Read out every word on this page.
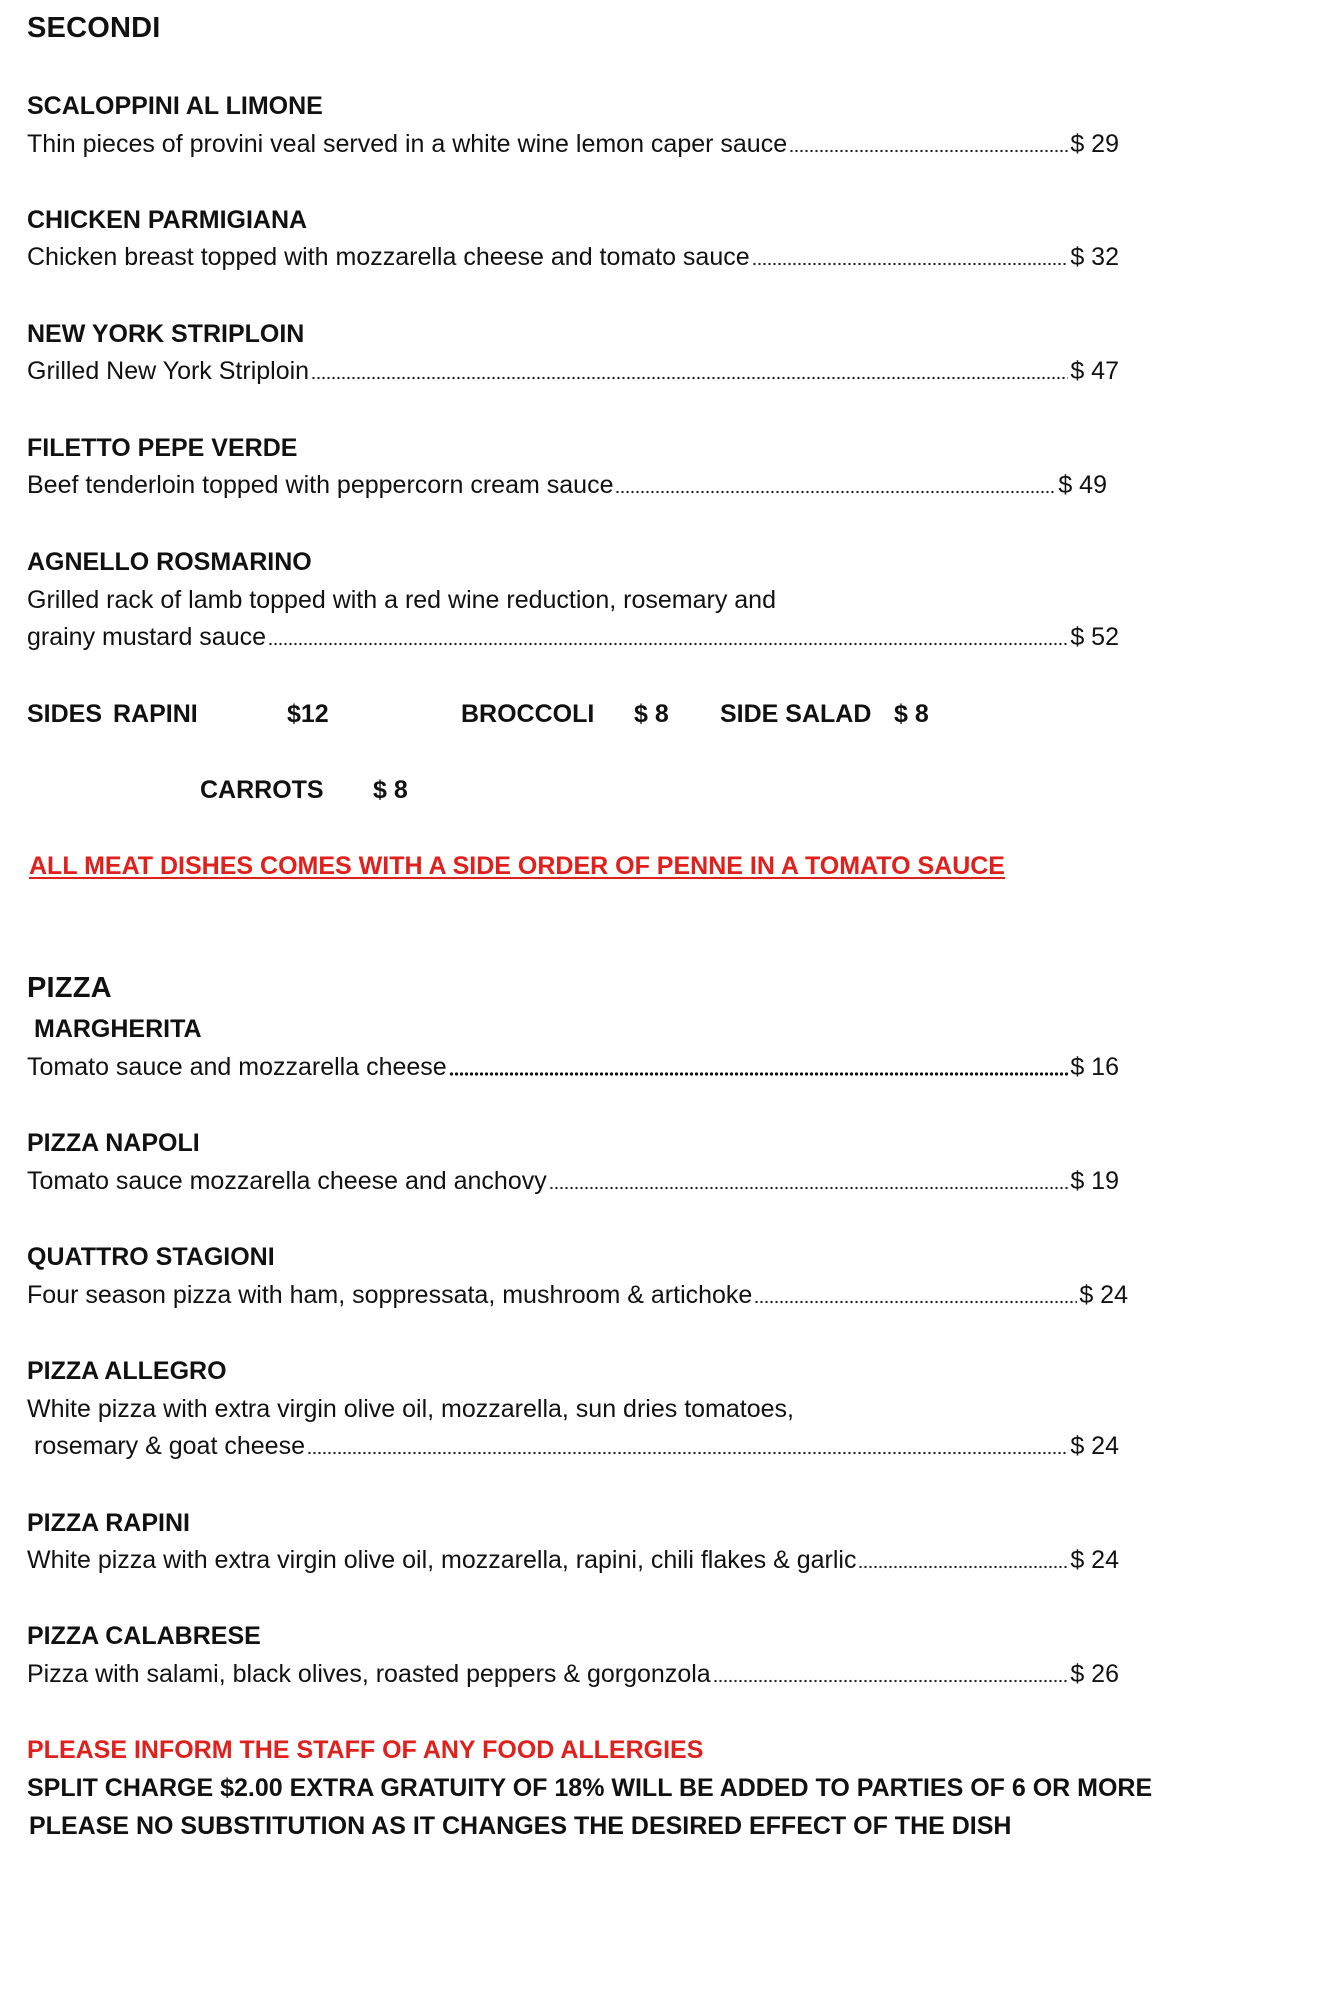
SECONDI
SCALOPPINI AL LIMONE
Thin pieces of provini veal served in a white wine lemon caper sauce	$ 29
CHICKEN PARMIGIANA
Chicken breast topped with mozzarella cheese and tomato sauce	$ 32
NEW YORK STRIPLOIN
Grilled New York Striploin	$ 47
FILETTO PEPE VERDE
Beef tenderloin topped with peppercorn cream sauce	$ 49
AGNELLO ROSMARINO
Grilled rack of lamb topped with a red wine reduction, rosemary and
grainy mustard sauce	$ 52
SIDES RAPINI	$12	BROCCOLI $ 8 SIDE SALAD $ 8
CARROTS $ 8
ALL MEAT DISHES COMES WITH A SIDE ORDER OF PENNE IN A TOMATO SAUCE
PIZZA
MARGHERITA
Tomato sauce and mozzarella cheese	$ 16
PIZZA NAPOLI
Tomato sauce mozzarella cheese and anchovy	$ 19
QUATTRO STAGIONI
Four season pizza with ham, soppressata, mushroom & artichoke	$ 24
PIZZA ALLEGRO
White pizza with extra virgin olive oil, mozzarella, sun dries tomatoes,
rosemary & goat cheese	$ 24
PIZZA RAPINI
White pizza with extra virgin olive oil, mozzarella, rapini, chili flakes & garlic	$ 24
PIZZA CALABRESE
Pizza with salami, black olives, roasted peppers & gorgonzola	$ 26
PLEASE INFORM THE STAFF OF ANY FOOD ALLERGIES
SPLIT CHARGE $2.00 EXTRA GRATUITY OF 18% WILL BE ADDED TO PARTIES OF 6 OR MORE
PLEASE NO SUBSTITUTION AS IT CHANGES THE DESIRED EFFECT OF THE DISH
